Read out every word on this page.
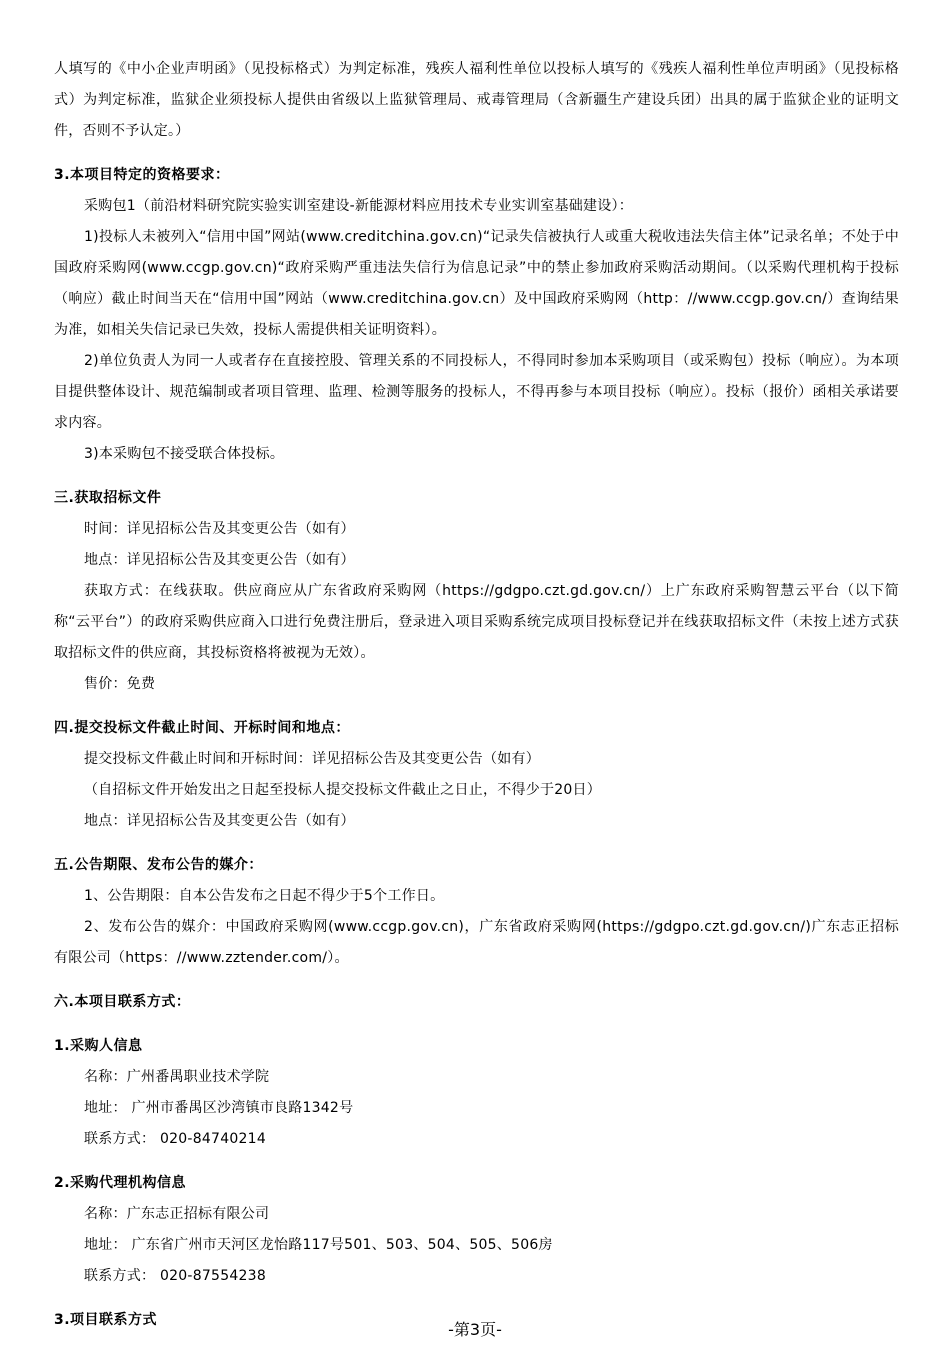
人填写的《中小企业声明函》（见投标格式）为判定标准，残疾人福利性单位以投标人填写的《残疾人福利性单位声明函》（见投标格式）为判定标准，监狱企业须投标人提供由省级以上监狱管理局、戒毒管理局（含新疆生产建设兵团）出具的属于监狱企业的证明文件，否则不予认定。）

3.本项目特定的资格要求：

采购包1（前沿材料研究院实验实训室建设-新能源材料应用技术专业实训室基础建设）：

1)投标人未被列入“信用中国”网站(www.creditchina.gov.cn)“记录失信被执行人或重大税收违法失信主体”记录名单；不处于中国政府采购网(www.ccgp.gov.cn)“政府采购严重违法失信行为信息记录”中的禁止参加政府采购活动期间。（以采购代理机构于投标（响应）截止时间当天在“信用中国”网站（www.creditchina.gov.cn）及中国政府采购网（http：//www.ccgp.gov.cn/）查询结果为准，如相关失信记录已失效，投标人需提供相关证明资料）。

2)单位负责人为同一人或者存在直接控股、管理关系的不同投标人，不得同时参加本采购项目（或采购包）投标（响应）。为本项目提供整体设计、规范编制或者项目管理、监理、检测等服务的投标人，不得再参与本项目投标（响应）。投标（报价）函相关承诺要求内容。

3)本采购包不接受联合体投标。

三.获取招标文件

时间：详见招标公告及其变更公告（如有）

地点：详见招标公告及其变更公告（如有）

获取方式：在线获取。供应商应从广东省政府采购网（https://gdgpo.czt.gd.gov.cn/）上广东政府采购智慧云平台（以下简称“云平台”）的政府采购供应商入口进行免费注册后，登录进入项目采购系统完成项目投标登记并在线获取招标文件（未按上述方式获取招标文件的供应商，其投标资格将被视为无效）。

售价：免费

四.提交投标文件截止时间、开标时间和地点：

提交投标文件截止时间和开标时间：详见招标公告及其变更公告（如有）

（自招标文件开始发出之日起至投标人提交投标文件截止之日止，不得少于20日）

地点：详见招标公告及其变更公告（如有）

五.公告期限、发布公告的媒介：

1、公告期限：自本公告发布之日起不得少于5个工作日。

2、发布公告的媒介：中国政府采购网(www.ccgp.gov.cn)，广东省政府采购网(https://gdgpo.czt.gd.gov.cn/)广东志正招标有限公司（https：//www.zztender.com/）。

六.本项目联系方式：

1.采购人信息

名称：广州番禺职业技术学院

地址： 广州市番禺区沙湾镇市良路1342号

联系方式： 020-84740214

2.采购代理机构信息

名称：广东志正招标有限公司

地址： 广东省广州市天河区龙怡路117号501、503、504、505、506房

联系方式： 020-87554238

3.项目联系方式	-第3页-
